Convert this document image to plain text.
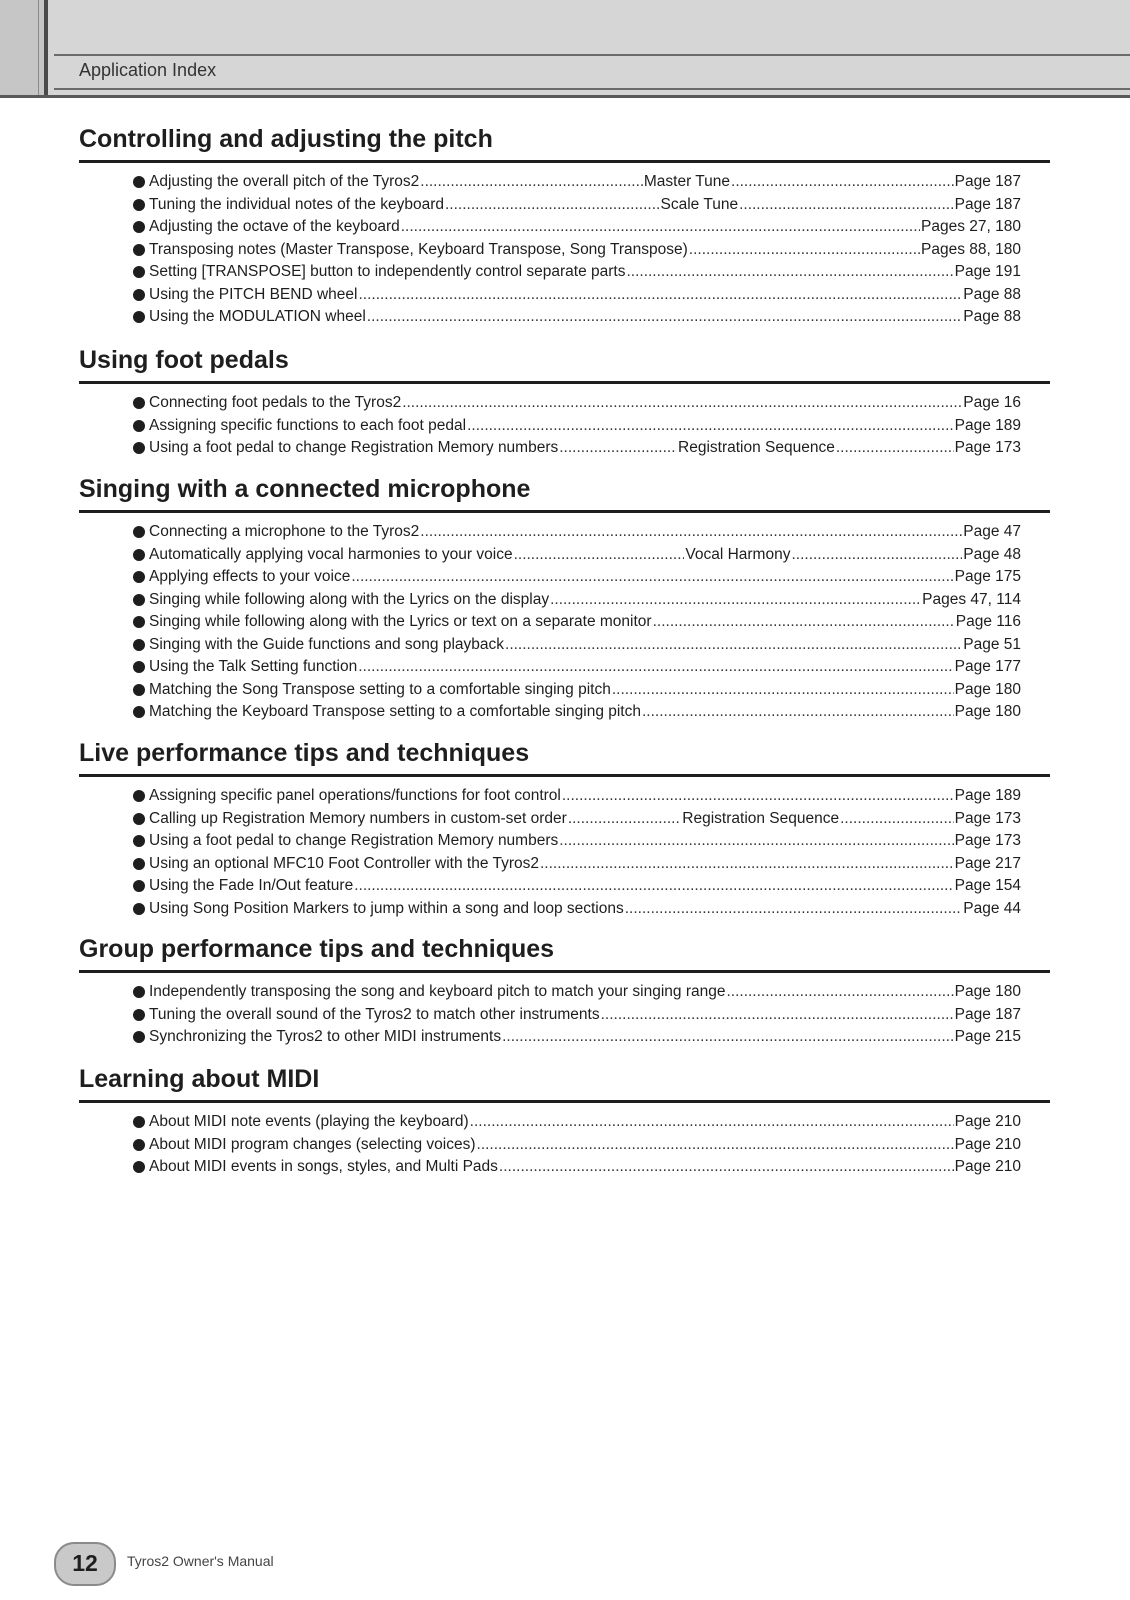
Application Index
Controlling and adjusting the pitch
Adjusting the overall pitch of the Tyros2 .....	Master Tune .....	Page 187
Tuning the individual notes of the keyboard .....	Scale Tune .....	Page 187
Adjusting the octave of the keyboard .....	Pages 27, 180
Transposing notes (Master Transpose, Keyboard Transpose, Song Transpose) .....	Pages 88, 180
Setting [TRANSPOSE] button to independently control separate parts .....	Page 191
Using the PITCH BEND wheel .....	Page 88
Using the MODULATION wheel .....	Page 88
Using foot pedals
Connecting foot pedals to the Tyros2 .....	Page 16
Assigning specific functions to each foot pedal .....	Page 189
Using a foot pedal to change Registration Memory numbers .....	Registration Sequence .....	Page 173
Singing with a connected microphone
Connecting a microphone to the Tyros2 .....	Page 47
Automatically applying vocal harmonies to your voice .....	Vocal Harmony .....	Page 48
Applying effects to your voice .....	Page 175
Singing while following along with the Lyrics on the display .....	Pages 47, 114
Singing while following along with the Lyrics or text on a separate monitor .....	Page 116
Singing with the Guide functions and song playback .....	Page 51
Using the Talk Setting function .....	Page 177
Matching the Song Transpose setting to a comfortable singing pitch .....	Page 180
Matching the Keyboard Transpose setting to a comfortable singing pitch .....	Page 180
Live performance tips and techniques
Assigning specific panel operations/functions for foot control .....	Page 189
Calling up Registration Memory numbers in custom-set order .....	Registration Sequence .....	Page 173
Using a foot pedal to change Registration Memory numbers .....	Page 173
Using an optional MFC10 Foot Controller with the Tyros2 .....	Page 217
Using the Fade In/Out feature .....	Page 154
Using Song Position Markers to jump within a song and loop sections .....	Page 44
Group performance tips and techniques
Independently transposing the song and keyboard pitch to match your singing range .....	Page 180
Tuning the overall sound of the Tyros2 to match other instruments .....	Page 187
Synchronizing the Tyros2 to other MIDI instruments .....	Page 215
Learning about MIDI
About MIDI note events (playing the keyboard) .....	Page 210
About MIDI program changes (selecting voices) .....	Page 210
About MIDI events in songs, styles, and Multi Pads .....	Page 210
12	Tyros2 Owner's Manual
